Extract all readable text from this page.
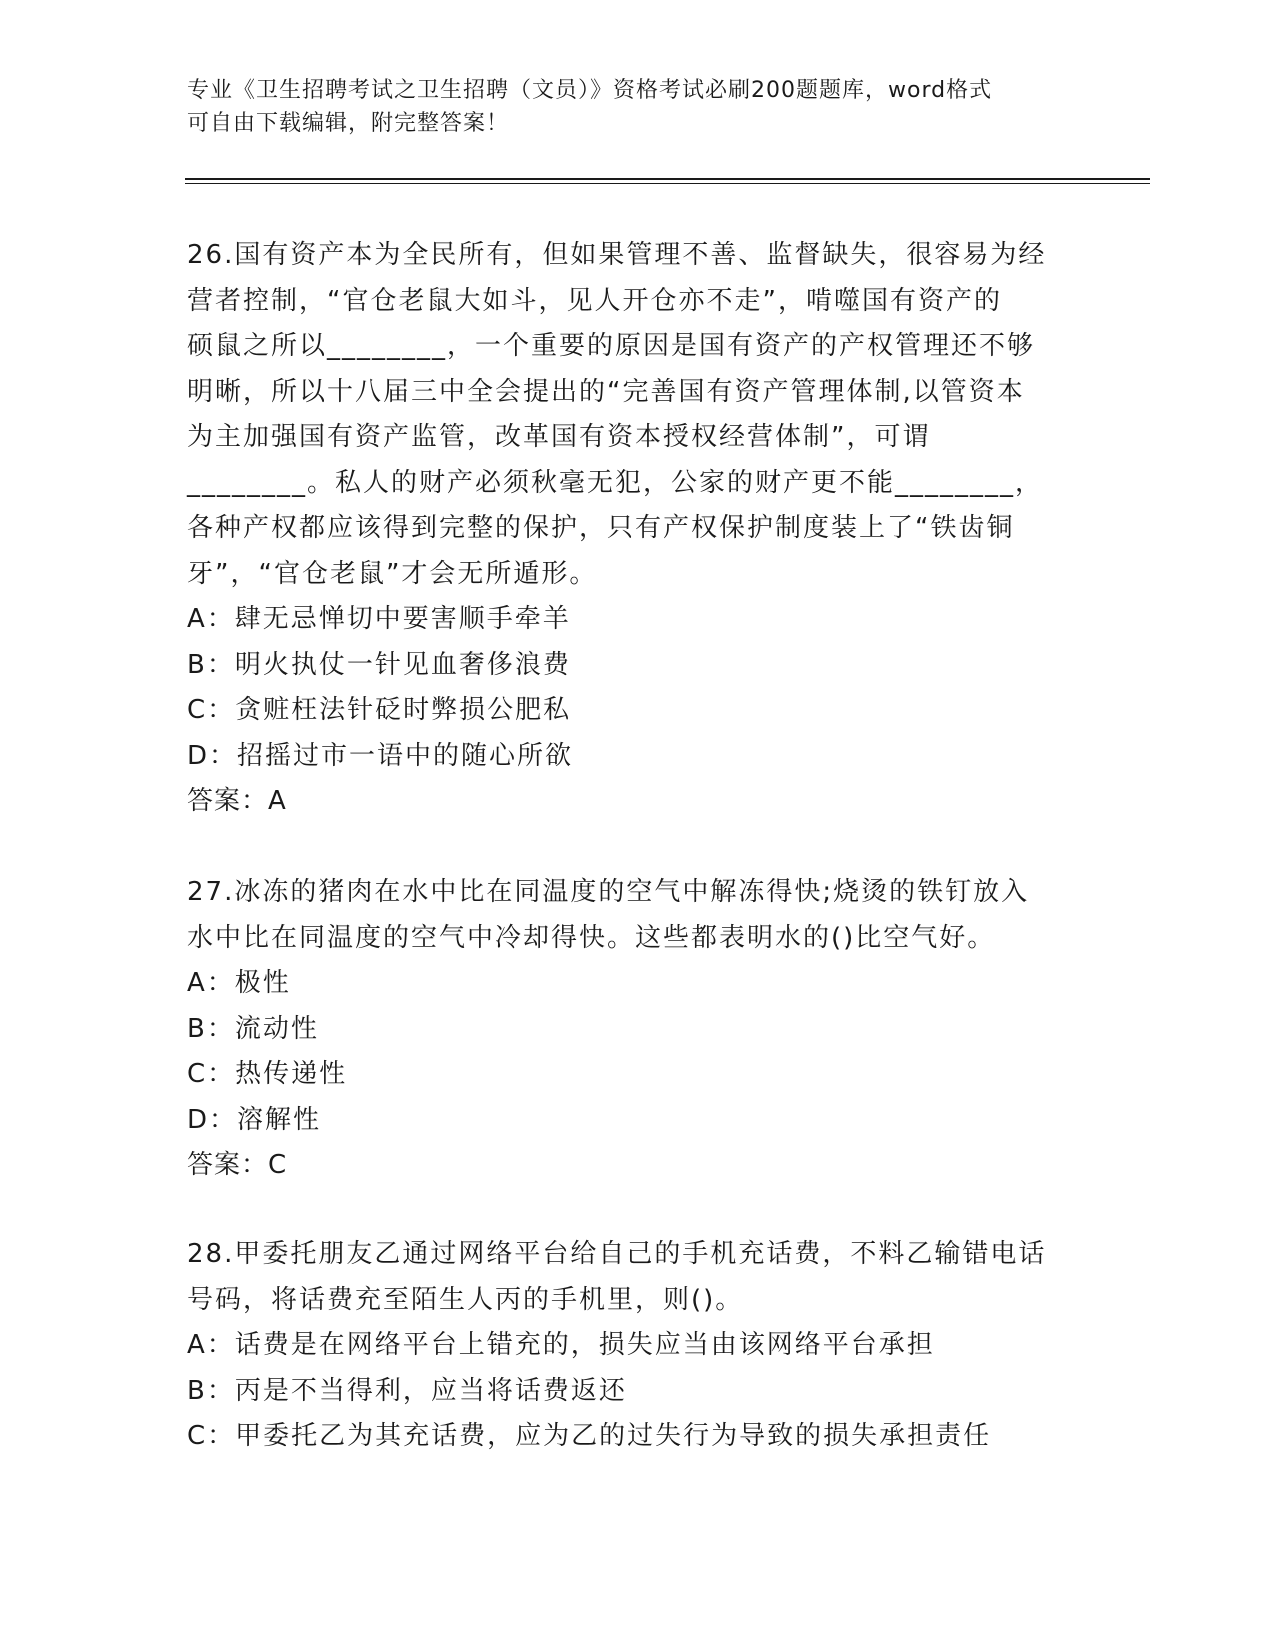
专业《卫生招聘考试之卫生招聘（文员）》资格考试必刷200题题库，word格式
可自由下载编辑，附完整答案！

26.国有资产本为全民所有，但如果管理不善、监督缺失，很容易为经

营者控制，“官仓老鼠大如斗，见人开仓亦不走”，啃噬国有资产的

硕鼠之所以________，一个重要的原因是国有资产的产权管理还不够

明晰，所以十八届三中全会提出的“完善国有资产管理体制,以管资本

为主加强国有资产监管，改革国有资本授权经营体制”，可谓

________。私人的财产必须秋毫无犯，公家的财产更不能________，

各种产权都应该得到完整的保护，只有产权保护制度装上了“铁齿铜

牙”，“官仓老鼠”才会无所遁形。

A：肆无忌惮切中要害顺手牵羊

B：明火执仗一针见血奢侈浪费

C：贪赃枉法针砭时弊损公肥私

D：招摇过市一语中的随心所欲

答案：A

27.冰冻的猪肉在水中比在同温度的空气中解冻得快;烧烫的铁钉放入

水中比在同温度的空气中冷却得快。这些都表明水的()比空气好。

A：极性

B：流动性

C：热传递性

D：溶解性

答案：C

28.甲委托朋友乙通过网络平台给自己的手机充话费，不料乙输错电话

号码，将话费充至陌生人丙的手机里，则()。

A：话费是在网络平台上错充的，损失应当由该网络平台承担

B：丙是不当得利，应当将话费返还

C：甲委托乙为其充话费，应为乙的过失行为导致的损失承担责任
